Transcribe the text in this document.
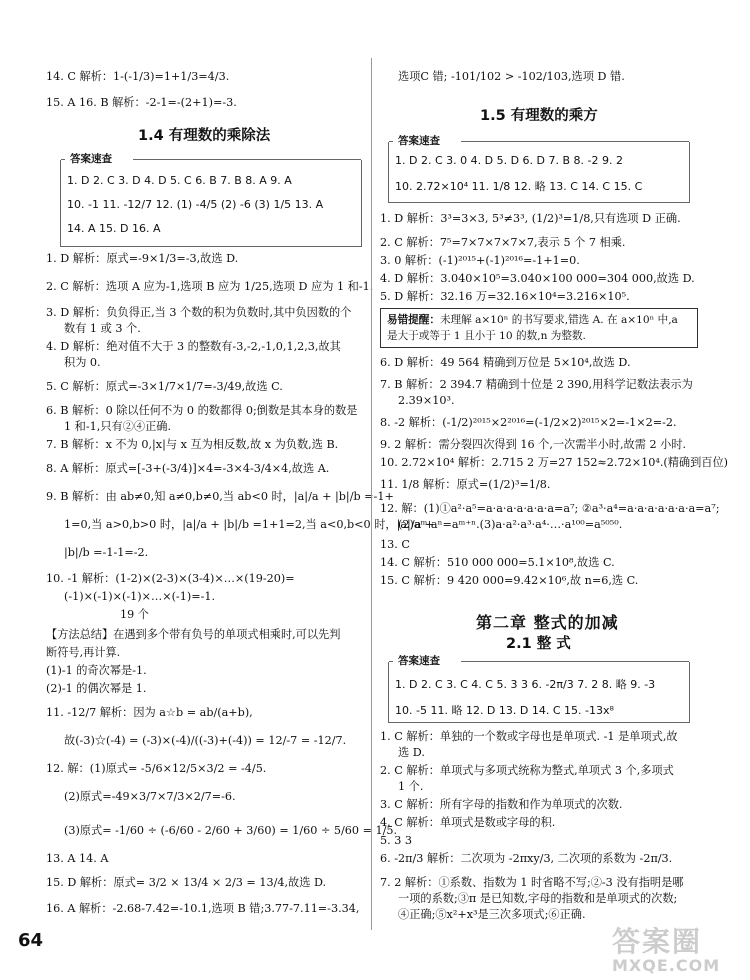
14. C 解析：1-(-1/3)=1+1/3=4/3.
15. A 16. B 解析：-2-1=-(2+1)=-3.
1.4 有理数的乘除法
答案速查
1. D 2. C 3. D 4. D 5. C 6. B 7. B 8. A 9. A
10. -1 11. -12/7 12. (1) -4/5 (2) -6 (3) 1/5 13. A
14. A 15. D 16. A
1. D 解析：原式=-9×1/3=-3,故选 D.
2. C 解析：选项 A 应为-1,选项 B 应为 1/25,选项 D 应为 1 和-1.
3. D 解析：负负得正,当 3 个数的积为负数时,其中负因数的个
数有 1 或 3 个.
4. D 解析：绝对值不大于 3 的整数有-3,-2,-1,0,1,2,3,故其
积为 0.
5. C 解析：原式=-3×1/7×1/7=-3/49,故选 C.
6. B 解析：0 除以任何不为 0 的数都得 0;倒数是其本身的数是
1 和-1,只有②④正确.
7. B 解析：x 不为 0,|x|与 x 互为相反数,故 x 为负数,选 B.
8. A 解析：原式=[-3+(-3/4)]×4=-3×4-3/4×4,故选 A.
9. B 解析：由 ab≠0,知 a≠0,b≠0,当 ab<0 时，|a|/a + |b|/b =-1+
1=0,当 a>0,b>0 时，|a|/a + |b|/b =1+1=2,当 a<0,b<0 时，|a|/a +
|b|/b =-1-1=-2.
10. -1 解析：(1-2)×(2-3)×(3-4)×…×(19-20)=
(-1)×(-1)×(-1)×…×(-1)=-1.
19 个
【方法总结】在遇到多个带有负号的单项式相乘时,可以先判
断符号,再计算.
(1)-1 的奇次幂是-1.
(2)-1 的偶次幂是 1.
11. -12/7 解析：因为 a☆b = ab/(a+b),
故(-3)☆(-4) = (-3)×(-4)/((-3)+(-4)) = 12/-7 = -12/7.
12. 解：(1)原式= -5/6×12/5×3/2 = -4/5.
(2)原式=-49×3/7×7/3×2/7=-6.
(3)原式= -1/60 ÷ (-6/60 - 2/60 + 3/60) = 1/60 ÷ 5/60 = 1/5.
13. A 14. A
15. D 解析：原式= 3/2 × 13/4 × 2/3 = 13/4,故选 D.
16. A 解析：-2.68-7.42=-10.1,选项 B 错;3.77-7.11=-3.34,
选项C 错; -101/102 > -102/103,选项 D 错.
1.5 有理数的乘方
答案速查
1. D 2. C 3. 0 4. D 5. D 6. D 7. B 8. -2 9. 2
10. 2.72×10⁴ 11. 1/8 12. 略 13. C 14. C 15. C
1. D 解析：3³=3×3, 5³≠3³, (1/2)³=1/8,只有选项 D 正确.
2. C 解析：7⁵=7×7×7×7×7,表示 5 个 7 相乘.
3. 0 解析：(-1)²⁰¹⁵+(-1)²⁰¹⁶=-1+1=0.
4. D 解析：3.040×10⁵=3.040×100 000=304 000,故选 D.
5. D 解析：32.16 万=32.16×10⁴=3.216×10⁵.
易错提醒：未理解 a×10ⁿ 的书写要求,错选 A. 在 a×10ⁿ 中,a
是大于或等于 1 且小于 10 的数,n 为整数.
6. D 解析：49 564 精确到万位是 5×10⁴,故选 D.
7. B 解析：2 394.7 精确到十位是 2 390,用科学记数法表示为
2.39×10³.
8. -2 解析：(-1/2)²⁰¹⁵×2²⁰¹⁶=(-1/2×2)²⁰¹⁵×2=-1×2=-2.
9. 2 解析：需分裂四次得到 16 个,一次需半小时,故需 2 小时.
10. 2.72×10⁴ 解析：2.715 2 万=27 152≈2.72×10⁴.(精确到百位)
11. 1/8 解析：原式=(1/2)³=1/8.
12. 解：(1)①a²·a⁵=a·a·a·a·a·a·a=a⁷; ②a³·a⁴=a·a·a·a·a·a·a=a⁷;
(2)aᵐ·aⁿ=aᵐ⁺ⁿ.(3)a·a²·a³·a⁴·…·a¹⁰⁰=a⁵⁰⁵⁰.
13. C
14. C 解析：510 000 000=5.1×10⁸,故选 C.
15. C 解析：9 420 000=9.42×10⁶,故 n=6,选 C.
第二章 整式的加减
2.1 整 式
答案速查
1. D 2. C 3. C 4. C 5. 3 3 6. -2π/3 7. 2 8. 略 9. -3
10. -5 11. 略 12. D 13. D 14. C 15. -13x⁸
1. C 解析：单独的一个数或字母也是单项式. -1 是单项式,故
选 D.
2. C 解析：单项式与多项式统称为整式,单项式 3 个,多项式
1 个.
3. C 解析：所有字母的指数和作为单项式的次数.
4. C 解析：单项式是数或字母的积.
5. 3 3
6. -2π/3 解析：二次项为 -2πxy/3, 二次项的系数为 -2π/3.
7. 2 解析：①系数、指数为 1 时省略不写;②-3 没有指明是哪
一项的系数;③π 是已知数,字母的指数和是单项式的次数;
④正确;⑤x²+x³是三次多项式;⑥正确.
64	答案圈
MXQE.COM
